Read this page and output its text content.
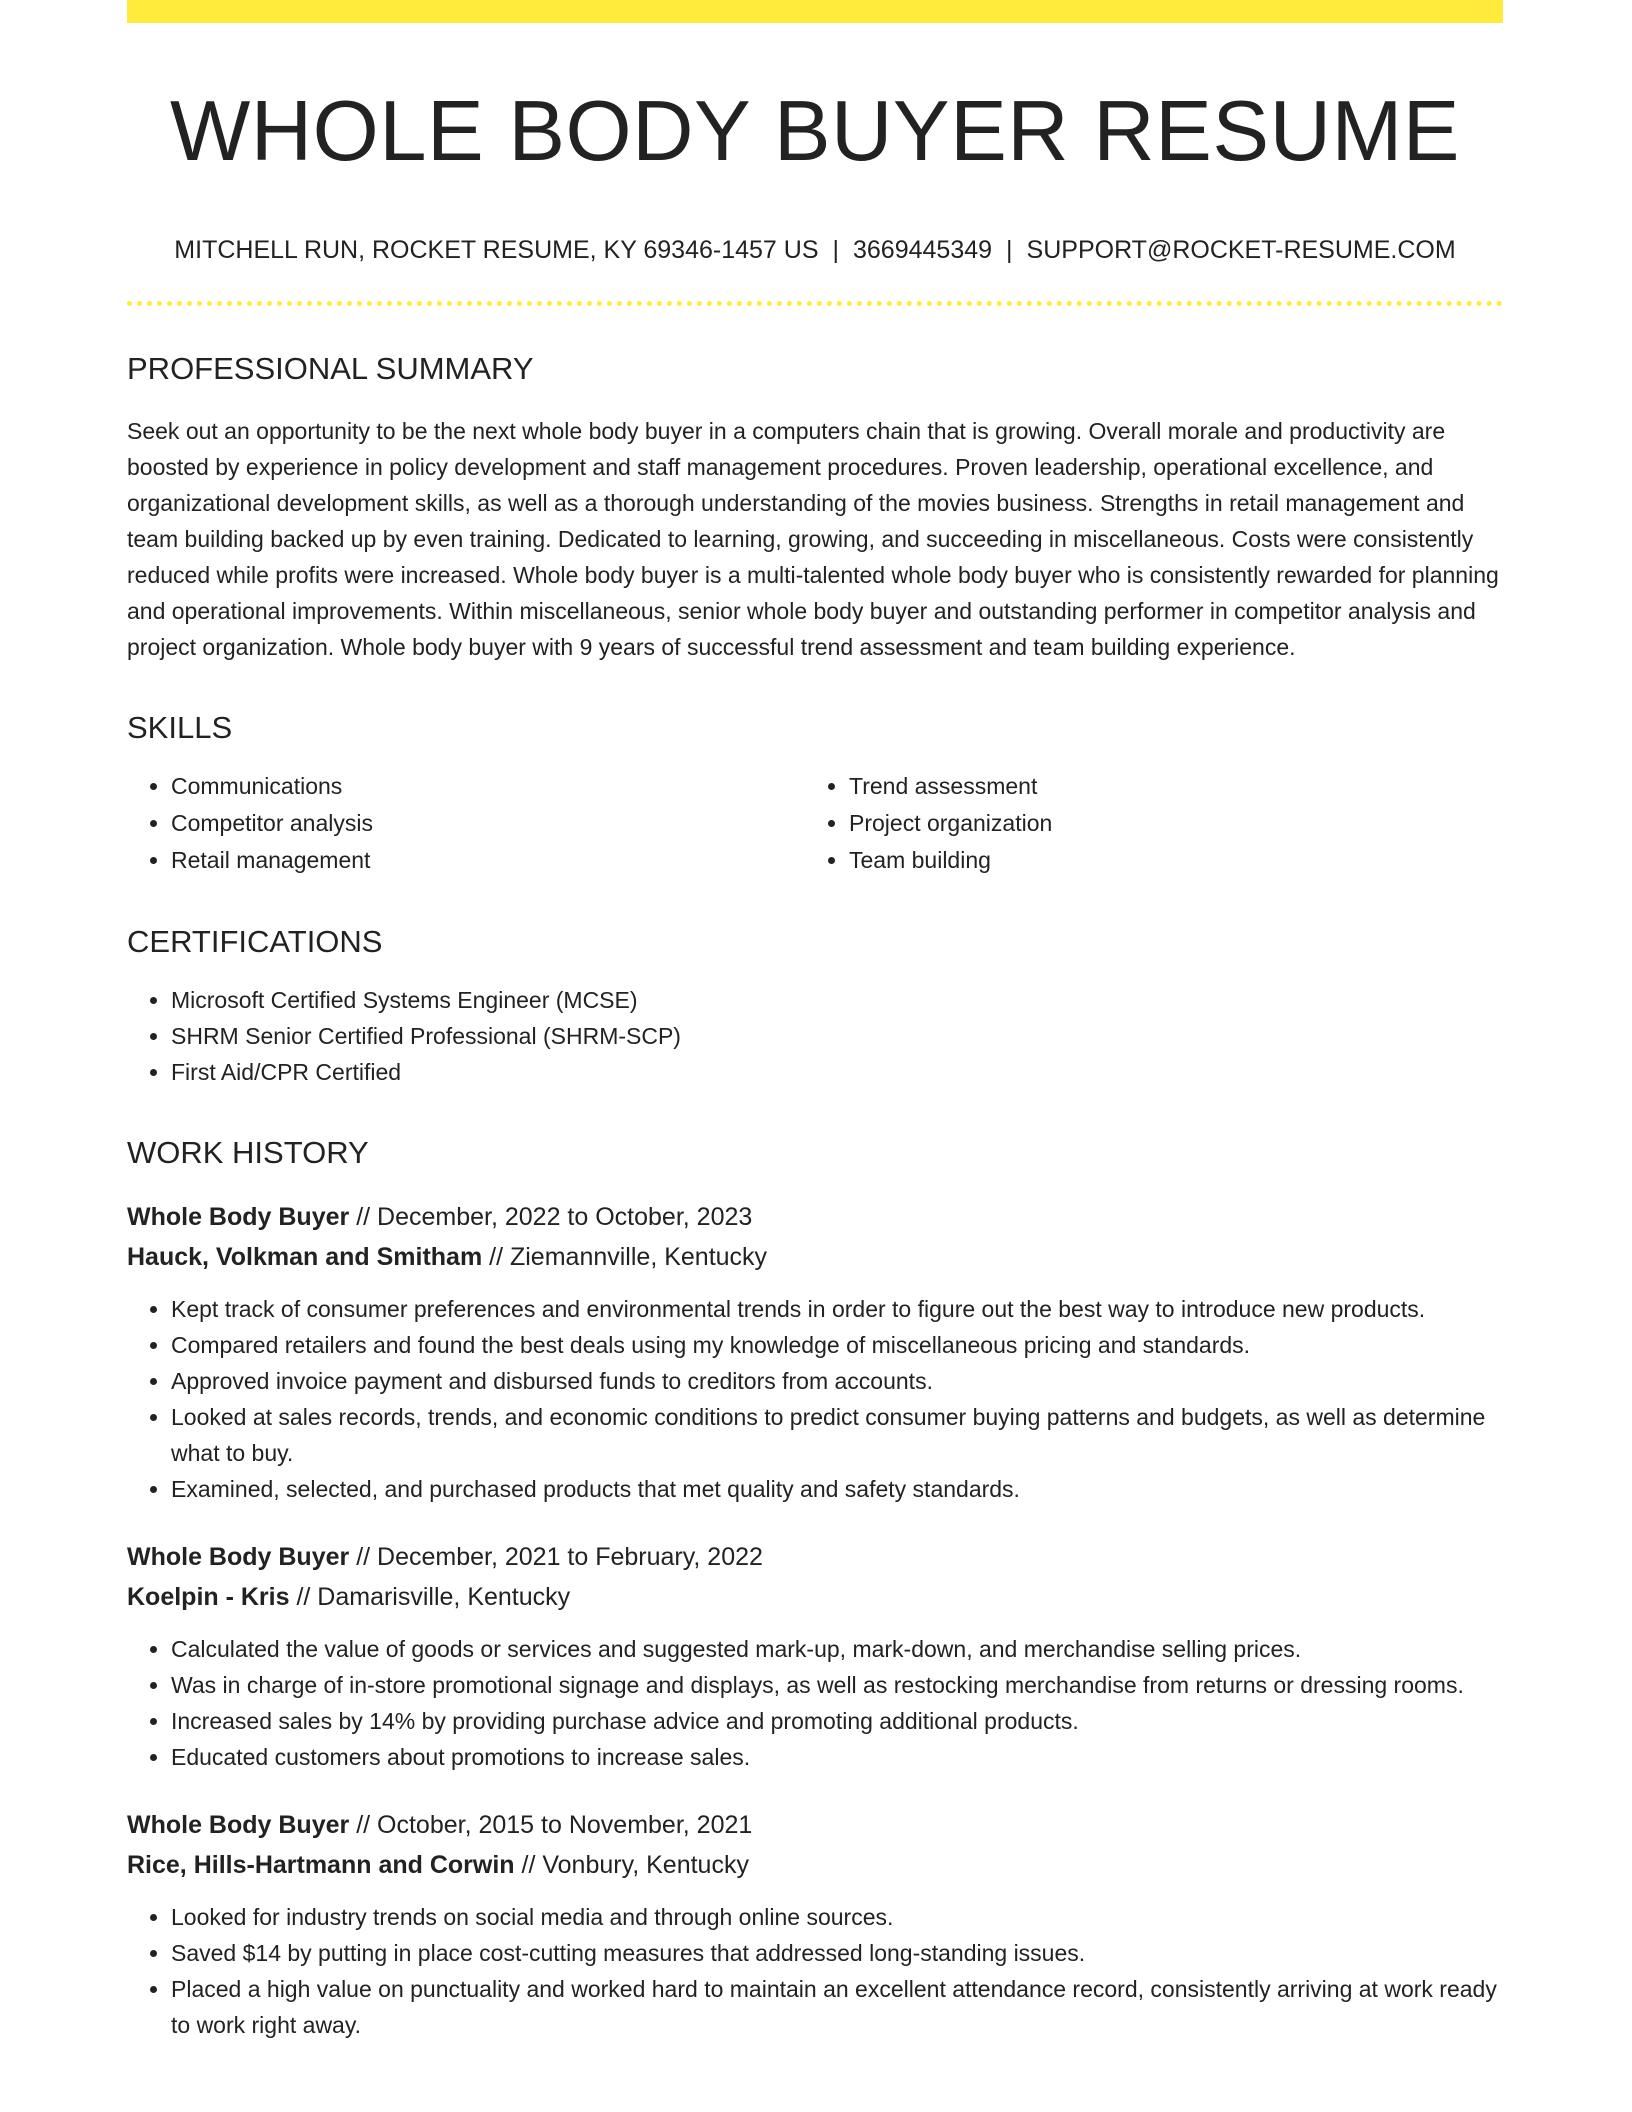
WHOLE BODY BUYER RESUME
MITCHELL RUN, ROCKET RESUME, KY 69346-1457 US | 3669445349 | SUPPORT@ROCKET-RESUME.COM
PROFESSIONAL SUMMARY

Seek out an opportunity to be the next whole body buyer in a computers chain that is growing. Overall morale and productivity are boosted by experience in policy development and staff management procedures. Proven leadership, operational excellence, and organizational development skills, as well as a thorough understanding of the movies business. Strengths in retail management and team building backed up by even training. Dedicated to learning, growing, and succeeding in miscellaneous. Costs were consistently reduced while profits were increased. Whole body buyer is a multi-talented whole body buyer who is consistently rewarded for planning and operational improvements. Within miscellaneous, senior whole body buyer and outstanding performer in competitor analysis and project organization. Whole body buyer with 9 years of successful trend assessment and team building experience.

SKILLS
• Communications
• Competitor analysis
• Retail management
• Trend assessment
• Project organization
• Team building
CERTIFICATIONS
• Microsoft Certified Systems Engineer (MCSE)
• SHRM Senior Certified Professional (SHRM-SCP)
• First Aid/CPR Certified
WORK HISTORY
Whole Body Buyer // December, 2022 to October, 2023
Hauck, Volkman and Smitham // Ziemannville, Kentucky
• Kept track of consumer preferences and environmental trends in order to figure out the best way to introduce new products.
• Compared retailers and found the best deals using my knowledge of miscellaneous pricing and standards.
• Approved invoice payment and disbursed funds to creditors from accounts.
• Looked at sales records, trends, and economic conditions to predict consumer buying patterns and budgets, as well as determine what to buy.
• Examined, selected, and purchased products that met quality and safety standards.
Whole Body Buyer // December, 2021 to February, 2022
Koelpin - Kris // Damarisville, Kentucky
• Calculated the value of goods or services and suggested mark-up, mark-down, and merchandise selling prices.
• Was in charge of in-store promotional signage and displays, as well as restocking merchandise from returns or dressing rooms.
• Increased sales by 14% by providing purchase advice and promoting additional products.
• Educated customers about promotions to increase sales.
Whole Body Buyer // October, 2015 to November, 2021
Rice, Hills-Hartmann and Corwin // Vonbury, Kentucky
• Looked for industry trends on social media and through online sources.
• Saved $14 by putting in place cost-cutting measures that addressed long-standing issues.
• Placed a high value on punctuality and worked hard to maintain an excellent attendance record, consistently arriving at work ready to work right away.
